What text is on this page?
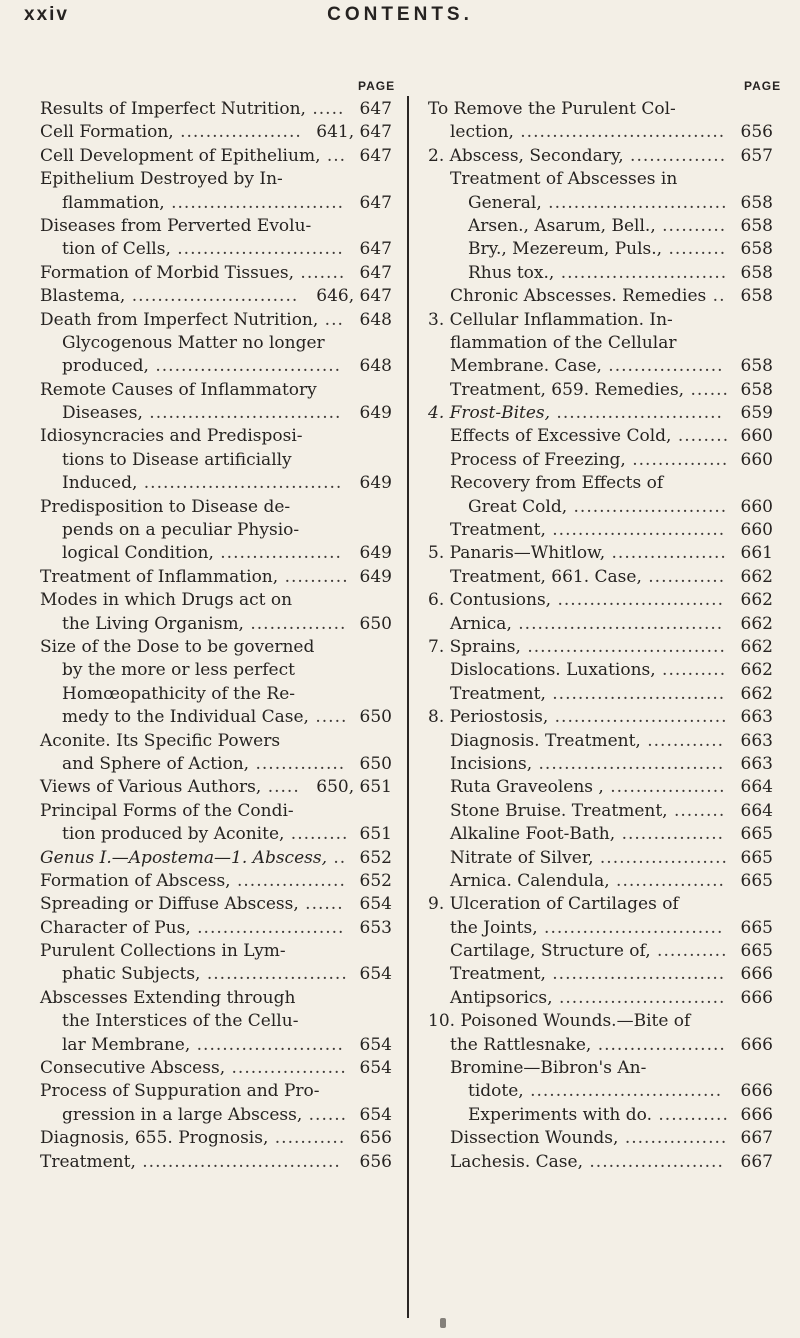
xxiv	CONTENTS.
PAGE	PAGE
Results of Imperfect Nutrition, ..... 647
Cell Formation, ................... 641, 647
Cell Development of Epithelium, ... 647
Epithelium Destroyed by In-
flammation, ........................... 647
Diseases from Perverted Evolu-
tion of Cells, .......................... 647
Formation of Morbid Tissues, ....... 647
Blastema, .......................... 646, 647
Death from Imperfect Nutrition, ... 648
Glycogenous Matter no longer
produced, ............................. 648
Remote Causes of Inflammatory
Diseases, .............................. 649
Idiosyncracies and Predisposi-
tions to Disease artificially
Induced, ............................... 649
Predisposition to Disease de-
pends on a peculiar Physio-
logical Condition, ................... 649
Treatment of Inflammation, .......... 649
Modes in which Drugs act on
the Living Organism, ............... 650
Size of the Dose to be governed
by the more or less perfect
Homœopathicity of the Re-
medy to the Individual Case, ..... 650
Aconite. Its Specific Powers
and Sphere of Action, .............. 650
Views of Various Authors, ..... 650, 651
Principal Forms of the Condi-
tion produced by Aconite, ......... 651
Genus I.—Apostema—1. Abscess, .. 652
Formation of Abscess, ................. 652
Spreading or Diffuse Abscess, ...... 654
Character of Pus, ....................... 653
Purulent Collections in Lym-
phatic Subjects, ...................... 654
Abscesses Extending through
the Interstices of the Cellu-
lar Membrane, ....................... 654
Consecutive Abscess, .................. 654
Process of Suppuration and Pro-
gression in a large Abscess, ...... 654
Diagnosis, 655. Prognosis, ........... 656
Treatment, ............................... 656
To Remove the Purulent Col-
lection, ................................ 656
2. Abscess, Secondary, ............... 657
Treatment of Abscesses in
General, ............................ 658
Arsen., Asarum, Bell., .......... 658
Bry., Mezereum, Puls., ......... 658
Rhus tox., .......................... 658
Chronic Abscesses. Remedies .. 658
3. Cellular Inflammation. In-
flammation of the Cellular
Membrane. Case, .................. 658
Treatment, 659. Remedies, ...... 658
4. Frost-Bites, .......................... 659
Effects of Excessive Cold, ........ 660
Process of Freezing, ............... 660
Recovery from Effects of
Great Cold, ........................ 660
Treatment, ........................... 660
5. Panaris—Whitlow, .................. 661
Treatment, 661. Case, ............ 662
6. Contusions, .......................... 662
Arnica, ................................ 662
7. Sprains, ............................... 662
Dislocations. Luxations, .......... 662
Treatment, ........................... 662
8. Periostosis, ........................... 663
Diagnosis. Treatment, ............ 663
Incisions, ............................. 663
Ruta Graveolens , .................. 664
Stone Bruise. Treatment, ........ 664
Alkaline Foot-Bath, ................ 665
Nitrate of Silver, .................... 665
Arnica. Calendula, ................. 665
9. Ulceration of Cartilages of
the Joints, ............................ 665
Cartilage, Structure of, ........... 665
Treatment, ........................... 666
Antipsorics, .......................... 666
10. Poisoned Wounds.—Bite of
the Rattlesnake, .................... 666
Bromine—Bibron's An-
tidote, .............................. 666
Experiments with do. ........... 666
Dissection Wounds, ................ 667
Lachesis. Case, ..................... 667
